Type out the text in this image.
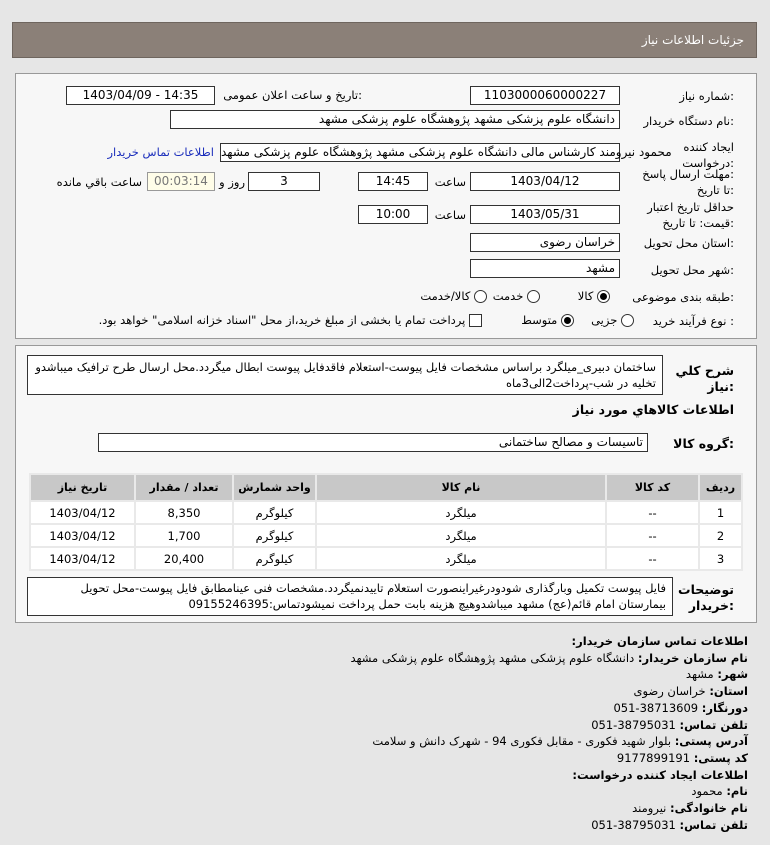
جزئیات اطلاعات نیاز
شماره نیاز:
1103000060000227
تاریخ و ساعت اعلان عمومی:
1403/04/09 - 14:35
نام دستگاه خریدار:
دانشگاه علوم پزشکی مشهد پژوهشگاه علوم پزشکی مشهد
ایجاد کننده
درخواست:
محمود نیرومند کارشناس مالی دانشگاه علوم پزشکی مشهد پژوهشگاه علوم پزشکی مشهد
اطلاعات تماس خریدار
مهلت ارسال پاسخ:
تا تاریخ:
1403/04/12
ساعت
14:45
3
روز و
00:03:14
ساعت باقي مانده
حداقل تاریخ اعتبار
قیمت: تا تاریخ:
1403/05/31
ساعت
10:00
استان محل تحویل:
خراسان رضوی
شهر محل تحویل:
مشهد
طبقه بندی موضوعی:
کالا
خدمت
کالا/خدمت
نوع فرآیند خرید :
جزیی
متوسط
پرداخت تمام یا بخشی از مبلغ خرید،از محل "اسناد خزانه اسلامی" خواهد بود.
شرح کلي
نیاز:
ساختمان دبیری_میلگرد براساس مشخصات فایل پیوست-استعلام فاقدفایل پیوست ابطال میگردد.محل ارسال طرح ترافیک میباشدو تخلیه در شب-پرداخت2الی3ماه
اطلاعات کالاهاي مورد نیاز
گروه کالا:
تاسیسات و مصالح ساختمانی
ردیف	کد کالا	نام کالا	واحد شمارش	تعداد / مقدار	تاریخ نیاز
1	--	میلگرد	کیلوگرم	8,350	1403/04/12
2	--	میلگرد	کیلوگرم	1,700	1403/04/12
3	--	میلگرد	کیلوگرم	20,400	1403/04/12
توضیحات
خریدار:
فایل پیوست تکمیل وبارگذاری شودودرغیراینصورت استعلام تاییدنمیگردد.مشخصات فنی عینامطابق فایل پیوست-محل تحویل بیمارستان امام قائم(عج) مشهد میباشدوهیچ هزینه بابت حمل پرداخت نمیشودتماس:09155246395
اطلاعات تماس سازمان خریدار:
نام سازمان خریدار: دانشگاه علوم پزشکی مشهد پژوهشگاه علوم پزشکی مشهد
شهر: مشهد
استان: خراسان رضوی
دورنگار: 38713609-051
تلفن تماس: 38795031-051
آدرس پستی: بلوار شهید فکوری - مقابل فکوری 94 - شهرک دانش و سلامت
کد پستی: 9177899191
اطلاعات ایجاد کننده درخواست:
نام: محمود
نام خانوادگی: نیرومند
تلفن تماس: 38795031-051
